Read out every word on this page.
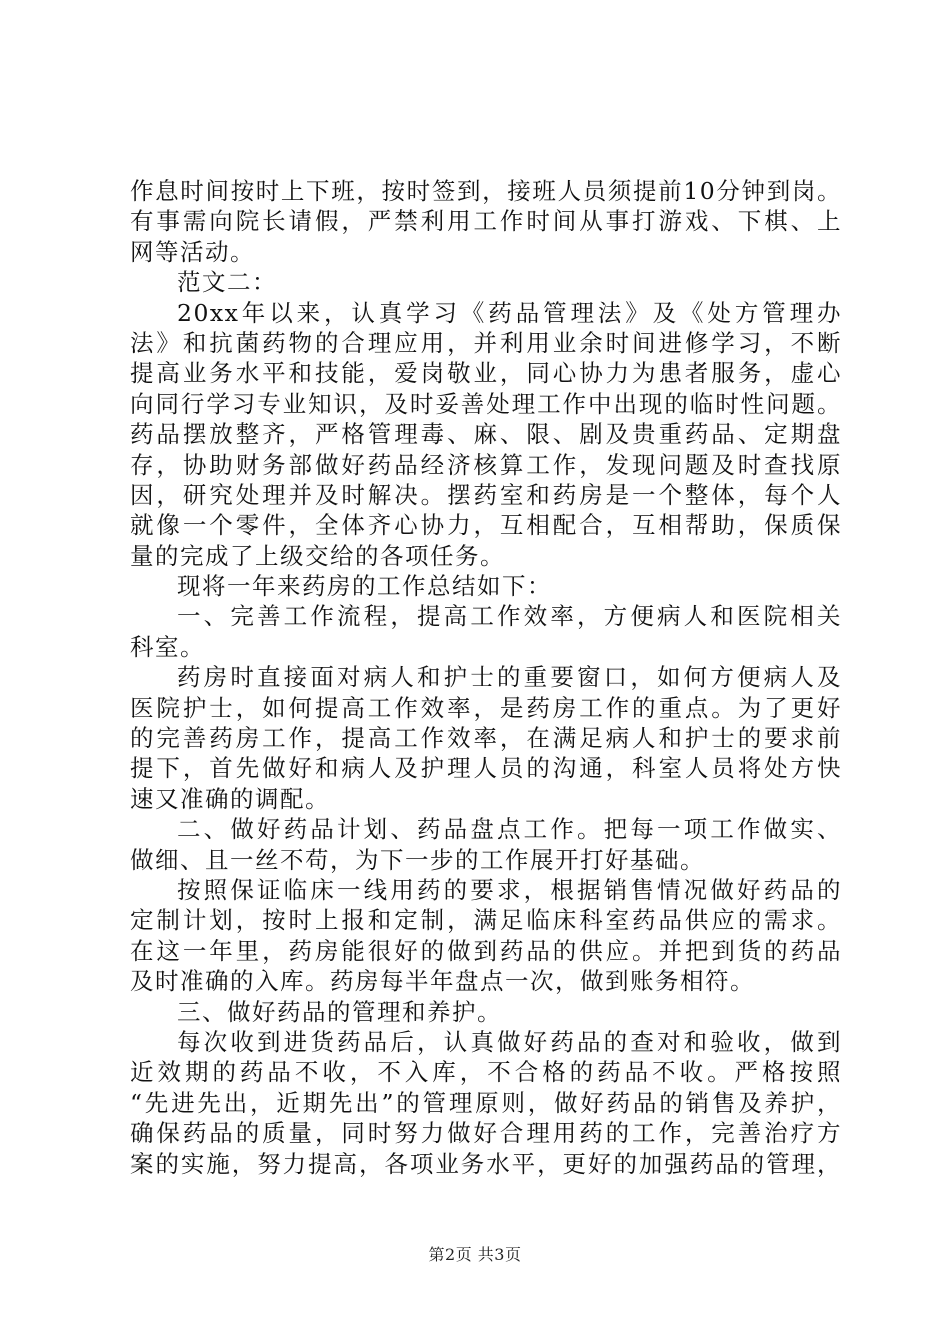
作息时间按时上下班，按时签到，接班人员须提前10分钟到岗。
有事需向院长请假，严禁利用工作时间从事打游戏、下棋、上
网等活动。
范文二：
20xx年以来，认真学习《药品管理法》及《处方管理办
法》和抗菌药物的合理应用，并利用业余时间进修学习，不断
提高业务水平和技能，爱岗敬业，同心协力为患者服务，虚心
向同行学习专业知识，及时妥善处理工作中出现的临时性问题。
药品摆放整齐，严格管理毒、麻、限、剧及贵重药品、定期盘
存，协助财务部做好药品经济核算工作，发现问题及时查找原
因，研究处理并及时解决。摆药室和药房是一个整体，每个人
就像一个零件，全体齐心协力，互相配合，互相帮助，保质保
量的完成了上级交给的各项任务。
现将一年来药房的工作总结如下：
一、完善工作流程，提高工作效率，方便病人和医院相关
科室。
药房时直接面对病人和护士的重要窗口，如何方便病人及
医院护士，如何提高工作效率，是药房工作的重点。为了更好
的完善药房工作，提高工作效率，在满足病人和护士的要求前
提下，首先做好和病人及护理人员的沟通，科室人员将处方快
速又准确的调配。
二、做好药品计划、药品盘点工作。把每一项工作做实、
做细、且一丝不苟，为下一步的工作展开打好基础。
按照保证临床一线用药的要求，根据销售情况做好药品的
定制计划，按时上报和定制，满足临床科室药品供应的需求。
在这一年里，药房能很好的做到药品的供应。并把到货的药品
及时准确的入库。药房每半年盘点一次，做到账务相符。
三、做好药品的管理和养护。
每次收到进货药品后，认真做好药品的查对和验收，做到
近效期的药品不收，不入库，不合格的药品不收。严格按照
“先进先出，近期先出”的管理原则，做好药品的销售及养护，
确保药品的质量，同时努力做好合理用药的工作，完善治疗方
案的实施，努力提高，各项业务水平，更好的加强药品的管理，
第2页 共3页
